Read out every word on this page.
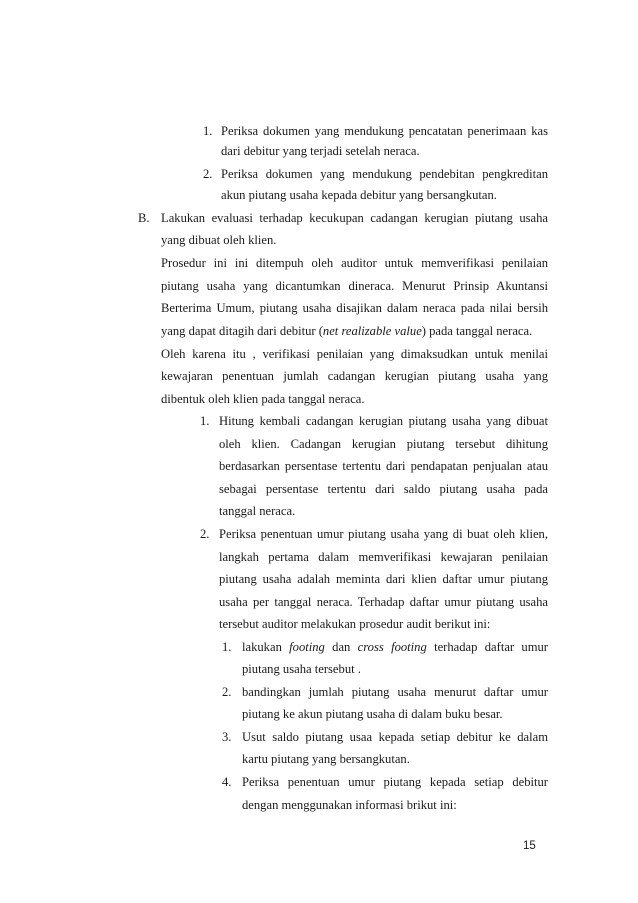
1. Periksa dokumen yang mendukung pencatatan penerimaan kas
dari debitur yang terjadi setelah neraca.
2. Periksa dokumen yang mendukung pendebitan pengkreditan
akun piutang usaha kepada debitur yang bersangkutan.
B. Lakukan evaluasi terhadap kecukupan cadangan kerugian piutang usaha
yang dibuat oleh klien.
Prosedur ini ini ditempuh oleh auditor untuk memverifikasi penilaian
piutang usaha yang dicantumkan dineraca. Menurut Prinsip Akuntansi
Berterima Umum, piutang usaha disajikan dalam neraca pada nilai bersih
yang dapat ditagih dari debitur (net realizable value) pada tanggal neraca.
Oleh karena itu , verifikasi penilaian yang dimaksudkan untuk menilai
kewajaran penentuan jumlah cadangan kerugian piutang usaha yang
dibentuk oleh klien pada tanggal neraca.
1. Hitung kembali cadangan kerugian piutang usaha yang dibuat
oleh klien. Cadangan kerugian piutang tersebut dihitung
berdasarkan persentase tertentu dari pendapatan penjualan atau
sebagai persentase tertentu dari saldo piutang usaha pada
tanggal neraca.
2. Periksa penentuan umur piutang usaha yang di buat oleh klien,
langkah pertama dalam memverifikasi kewajaran penilaian
piutang usaha adalah meminta dari klien daftar umur piutang
usaha per tanggal neraca. Terhadap daftar umur piutang usaha
tersebut auditor melakukan prosedur audit berikut ini:
1. lakukan footing dan cross footing terhadap daftar umur
piutang usaha tersebut .
2. bandingkan jumlah piutang usaha menurut daftar umur
piutang ke akun piutang usaha di dalam buku besar.
3. Usut saldo piutang usaa kepada setiap debitur ke dalam
kartu piutang yang bersangkutan.
4. Periksa penentuan umur piutang kepada setiap debitur
dengan menggunakan informasi brikut ini:
15
